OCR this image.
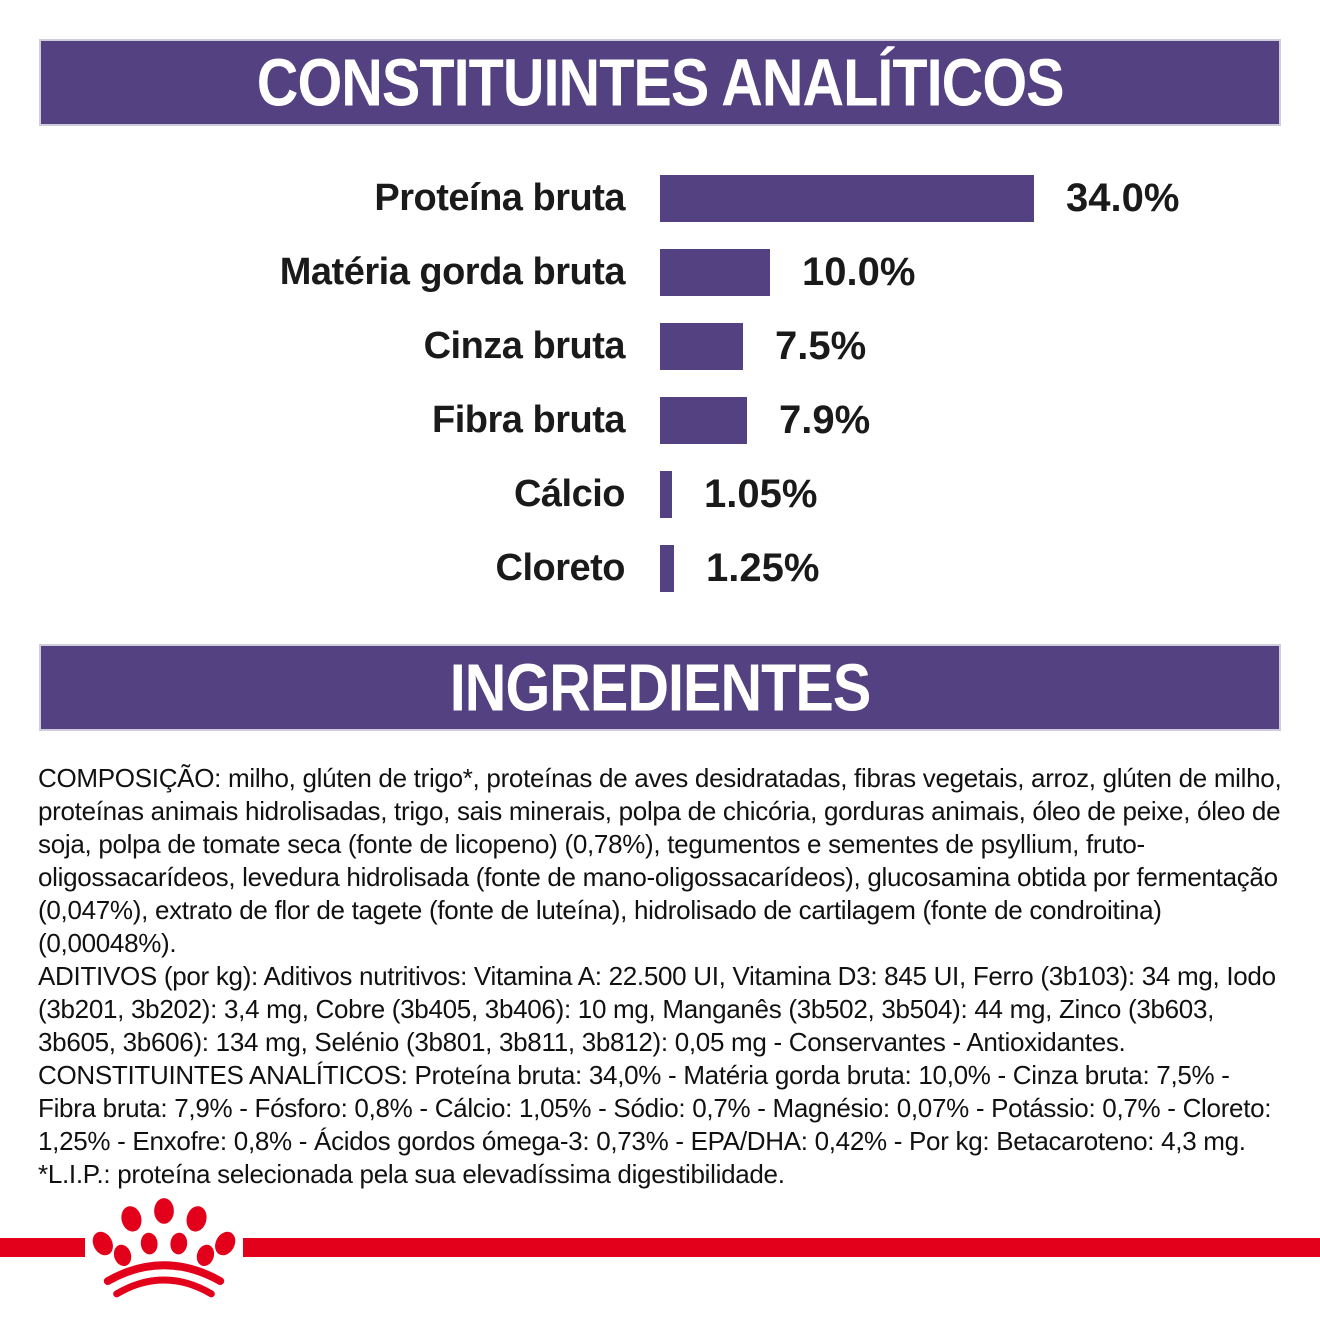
CONSTITUINTES ANALÍTICOS
Proteína bruta	34.0%
Matéria gorda bruta	10.0%
Cinza bruta	7.5%
Fibra bruta	7.9%
Cálcio	1.05%
Cloreto	1.25%
INGREDIENTES

COMPOSIÇÃO: milho, glúten de trigo*, proteínas de aves desidratadas, fibras vegetais, arroz, glúten de milho, proteínas animais hidrolisadas, trigo, sais minerais, polpa de chicória, gorduras animais, óleo de peixe, óleo de soja, polpa de tomate seca (fonte de licopeno) (0,78%), tegumentos e sementes de psyllium, fruto-oligossacarídeos, levedura hidrolisada (fonte de mano-oligossacarídeos), glucosamina obtida por fermentação (0,047%), extrato de flor de tagete (fonte de luteína), hidrolisado de cartilagem (fonte de condroitina) (0,00048%).

ADITIVOS (por kg): Aditivos nutritivos: Vitamina A: 22.500 UI, Vitamina D3: 845 UI, Ferro (3b103): 34 mg, Iodo (3b201, 3b202): 3,4 mg, Cobre (3b405, 3b406): 10 mg, Manganês (3b502, 3b504): 44 mg, Zinco (3b603, 3b605, 3b606): 134 mg, Selénio (3b801, 3b811, 3b812): 0,05 mg - Conservantes - Antioxidantes.

CONSTITUINTES ANALÍTICOS: Proteína bruta: 34,0% - Matéria gorda bruta: 10,0% - Cinza bruta: 7,5% - Fibra bruta: 7,9% - Fósforo: 0,8% - Cálcio: 1,05% - Sódio: 0,7% - Magnésio: 0,07% - Potássio: 0,7% - Cloreto: 1,25% - Enxofre: 0,8% - Ácidos gordos ómega-3: 0,73% - EPA/DHA: 0,42% - Por kg: Betacaroteno: 4,3 mg.

*L.I.P.: proteína selecionada pela sua elevadíssima digestibilidade.
